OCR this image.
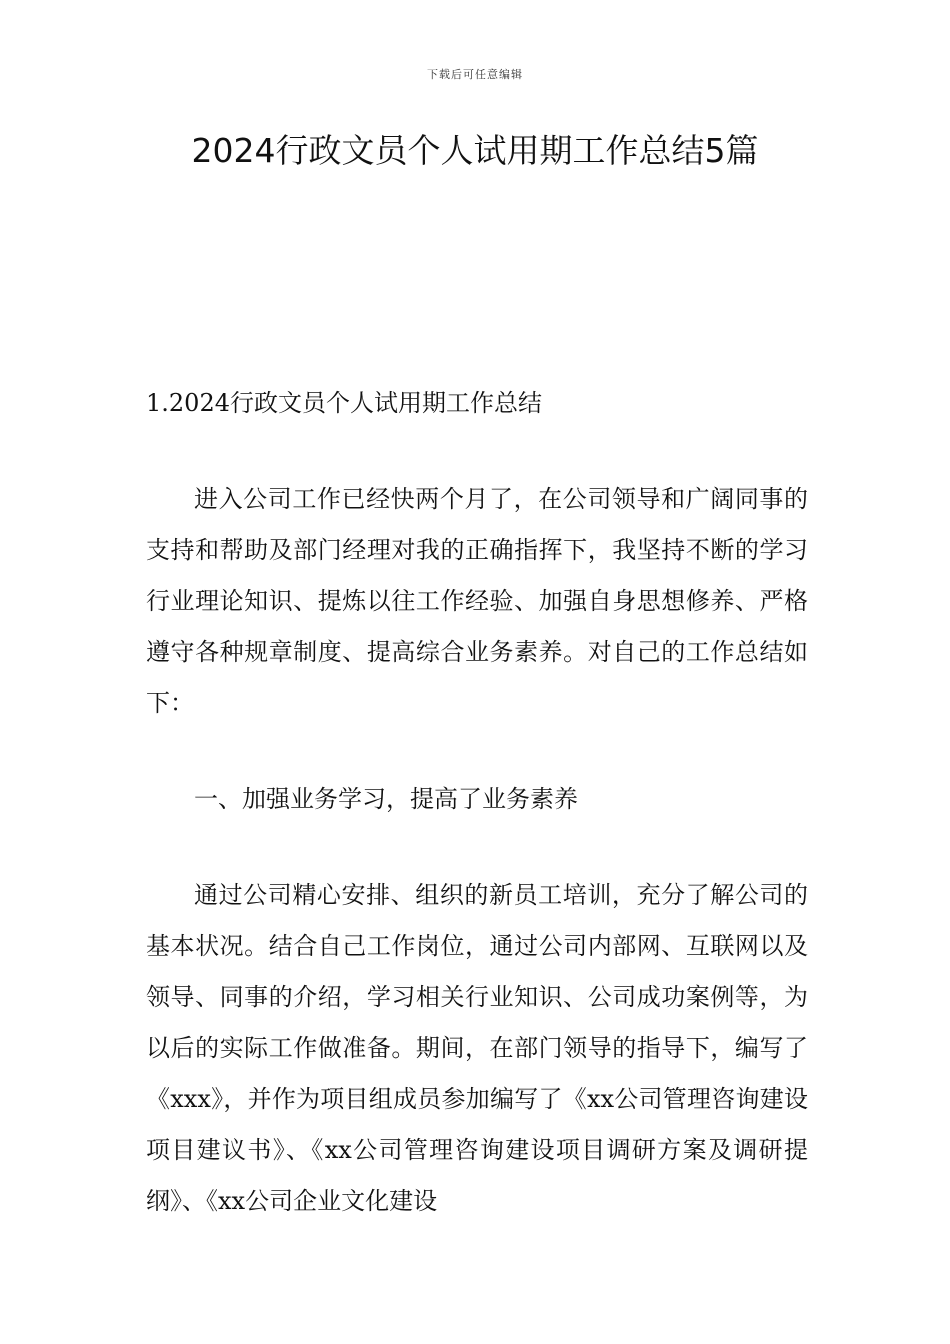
下载后可任意编辑
2024行政文员个人试用期工作总结5篇

1.2024行政文员个人试用期工作总结

进入公司工作已经快两个月了，在公司领导和广阔同事的支持和帮助及部门经理对我的正确指挥下，我坚持不断的学习行业理论知识、提炼以往工作经验、加强自身思想修养、严格遵守各种规章制度、提高综合业务素养。对自己的工作总结如下：

一、加强业务学习，提高了业务素养

通过公司精心安排、组织的新员工培训，充分了解公司的基本状况。结合自己工作岗位，通过公司内部网、互联网以及领导、同事的介绍，学习相关行业知识、公司成功案例等，为以后的实际工作做准备。期间，在部门领导的指导下，编写了《xxx》，并作为项目组成员参加编写了《xx公司管理咨询建设项目建议书》、《xx公司管理咨询建设项目调研方案及调研提纲》、《xx公司企业文化建设
